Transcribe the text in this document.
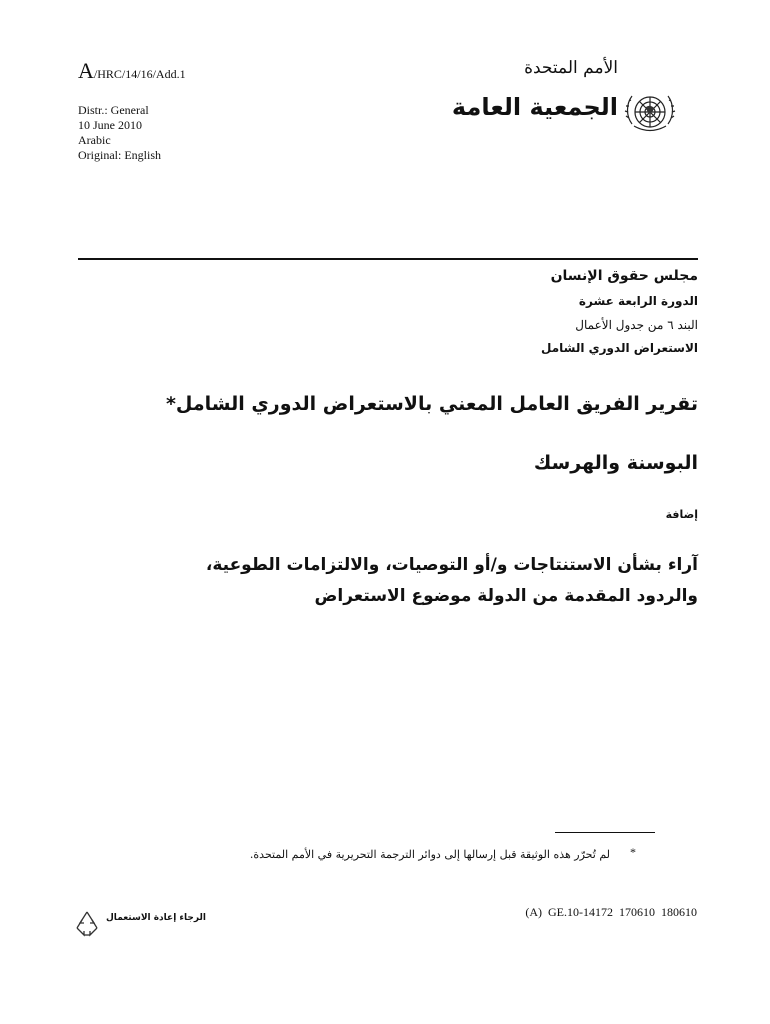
A/HRC/14/16/Add.1	الأمم المتحدة
Distr.: General
10 June 2010
Arabic
Original: English
الجمعية العامة
مجلس حقوق الإنسان
الدورة الرابعة عشرة
البند ٦ من جدول الأعمال
الاستعراض الدوري الشامل
تقرير الفريق العامل المعني بالاستعراض الدوري الشامل*
البوسنة والهرسك
إضافة
آراء بشأن الاستنتاجات و/أو التوصيات، والالتزامات الطوعية،
والردود المقدمة من الدولة موضوع الاستعراض
*
لم تُحرّر هذه الوثيقة قبل إرسالها إلى دوائر الترجمة التحريرية في الأمم المتحدة.
(A) GE.10-14172 170610 180610
الرجاء إعادة الاستعمال
